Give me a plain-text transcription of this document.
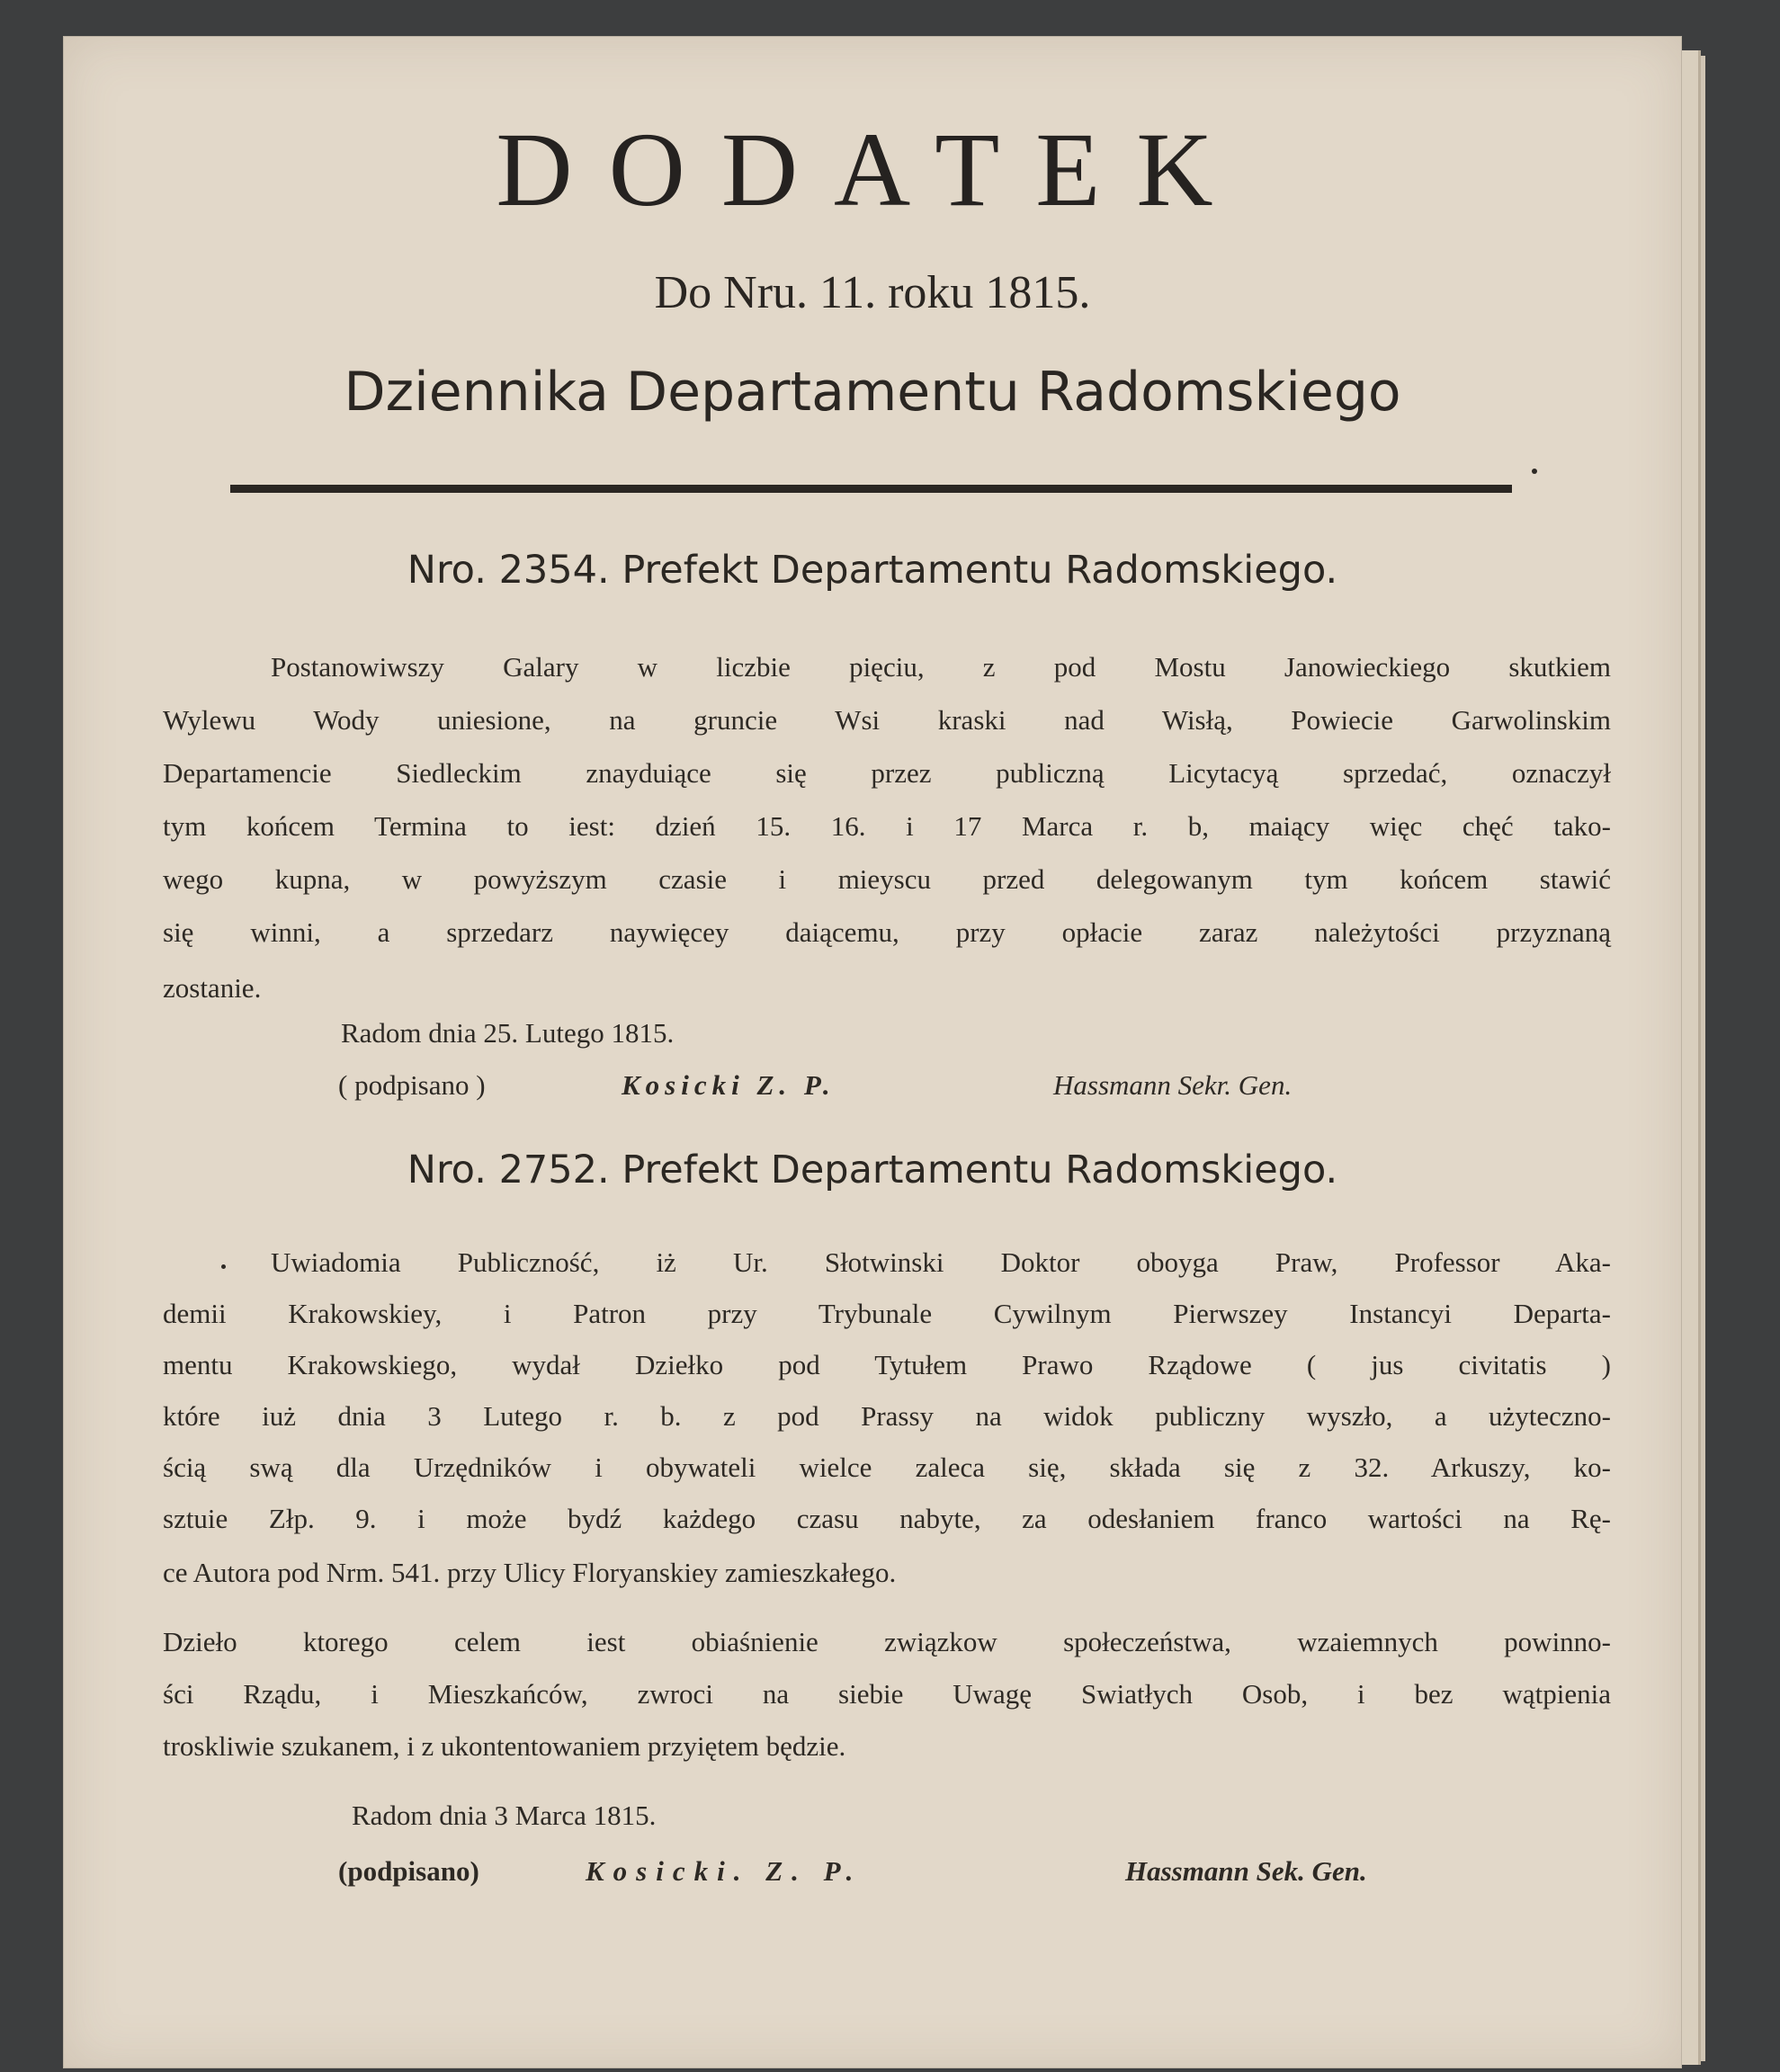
DODATEK
Do Nru. 11. roku 1815.
Dziennika Departamentu Radomskiego
Nro. 2354. Prefekt Departamentu Radomskiego.
Postanowiwszy Galary w liczbie pięciu, z pod Mostu Janowieckiego skutkiem
Wylewu Wody uniesione, na gruncie Wsi kraski nad Wisłą, Powiecie Garwolinskim
Departamencie Siedleckim znayduiące się przez publiczną Licytacyą sprzedać, oznaczył
tym końcem Termina to iest: dzień 15. 16. i 17 Marca r. b, maiący więc chęć tako-
wego kupna, w powyższym czasie i mieyscu przed delegowanym tym końcem stawić
się winni, a sprzedarz naywięcey daiącemu, przy opłacie zaraz należytości przyznaną
zostanie.
Radom dnia 25. Lutego 1815.
( podpisano )	Kosicki Z. P.	Hassmann Sekr. Gen.
Nro. 2752. Prefekt Departamentu Radomskiego.
Uwiadomia Publiczność, iż Ur. Słotwinski Doktor oboyga Praw, Professor Aka-
demii Krakowskiey, i Patron przy Trybunale Cywilnym Pierwszey Instancyi Departa-
mentu Krakowskiego, wydał Dziełko pod Tytułem Prawo Rządowe ( jus civitatis )
które iuż dnia 3 Lutego r. b. z pod Prassy na widok publiczny wyszło, a użyteczno-
ścią swą dla Urzędników i obywateli wielce zaleca się, składa się z 32. Arkuszy, ko-
sztuie Złp. 9. i może bydź każdego czasu nabyte, za odesłaniem franco wartości na Rę-
ce Autora pod Nrm. 541. przy Ulicy Floryanskiey zamieszkałego.
Dzieło ktorego celem iest obiaśnienie związkow społeczeństwa, wzaiemnych powinno-
ści Rządu, i Mieszkańców, zwroci na siebie Uwagę Swiatłych Osob, i bez wątpienia
troskliwie szukanem, i z ukontentowaniem przyiętem będzie.
Radom dnia 3 Marca 1815.
(podpisano)	Kosicki. Z. P.	Hassmann Sek. Gen.
